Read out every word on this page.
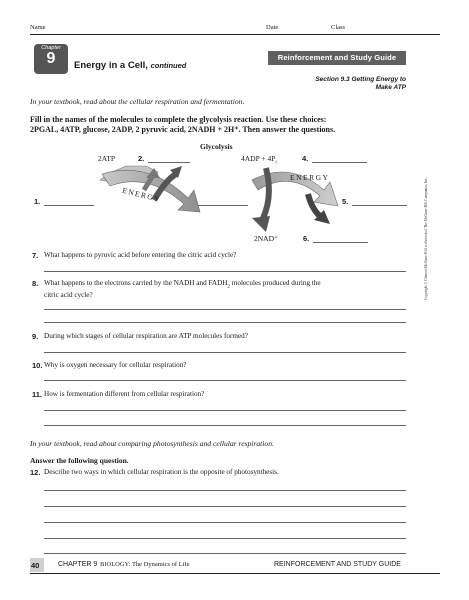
Name	Date	Class
Chapter
9	Energy in a Cell, continued
Reinforcement and Study Guide
Section 9.3 Getting Energy to
Make ATP
In your textbook, read about the cellular respiration and fermentation.
Fill in the names of the molecules to complete the glycolysis reaction. Use these choices:
2PGAL, 4ATP, glucose, 2ADP, 2 pyruvic acid, 2NADH + 2H⁺. Then answer the questions.
Glycolysis
2ATP	2.	$4ADP + 4P_i$	4.
1.	5.
2NAD⁺	6.
ENERGY
ENERGY
7. What happens to pyruvic acid before entering the citric acid cycle?
8. What happens to the electrons carried by the NADH and $FADH_2$ molecules produced during the
citric acid cycle?
9. During which stages of cellular respiration are ATP molecules formed?
10. Why is oxygen necessary for cellular respiration?
11. How is fermentation different from cellular respiration?
In your textbook, read about comparing photosynthesis and cellular respiration.
Answer the following question.
12. Describe two ways in which cellular respiration is the opposite of photosynthesis.
Copyright © Glencoe/McGraw-Hill, a division of The McGraw-Hill Companies, Inc.
40	CHAPTER 9 BIOLOGY: The Dynamics of Life	REINFORCEMENT AND STUDY GUIDE
